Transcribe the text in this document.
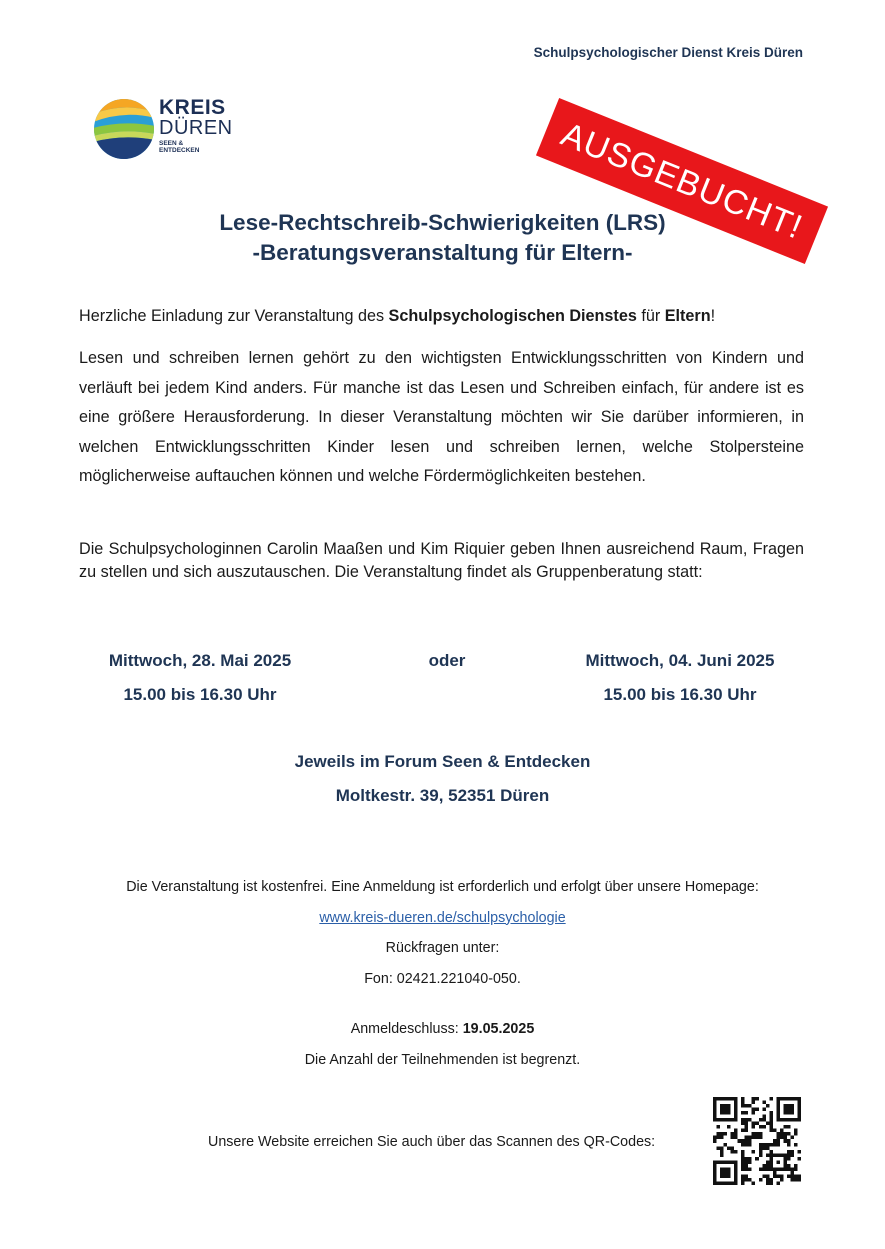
Schulpsychologischer Dienst Kreis Düren
KREIS
DÜREN
SEEN & ENTDECKEN	AUSGEBUCHT!
Lese-Rechtschreib-Schwierigkeiten (LRS)
-Beratungsveranstaltung für Eltern-
Herzliche Einladung zur Veranstaltung des Schulpsychologischen Dienstes für Eltern!
Lesen und schreiben lernen gehört zu den wichtigsten Entwicklungsschritten von Kindern und verläuft bei jedem Kind anders. Für manche ist das Lesen und Schreiben einfach, für andere ist es eine größere Herausforderung. In dieser Veranstaltung möchten wir Sie darüber informieren, in welchen Entwicklungsschritten Kinder lesen und schreiben lernen, welche Stolpersteine möglicherweise auftauchen können und welche Fördermöglichkeiten bestehen.
Die Schulpsychologinnen Carolin Maaßen und Kim Riquier geben Ihnen ausreichend Raum, Fragen zu stellen und sich auszutauschen. Die Veranstaltung findet als Gruppenberatung statt:
Mittwoch, 28. Mai 2025
15.00 bis 16.30 Uhr
oder	Mittwoch, 04. Juni 2025
15.00 bis 16.30 Uhr
Jeweils im Forum Seen & Entdecken
Moltkestr. 39, 52351 Düren
Die Veranstaltung ist kostenfrei. Eine Anmeldung ist erforderlich und erfolgt über unsere Homepage:
www.kreis-dueren.de/schulpsychologie
Rückfragen unter:
Fon: 02421.221040-050.
Anmeldeschluss: 19.05.2025
Die Anzahl der Teilnehmenden ist begrenzt.
Unsere Website erreichen Sie auch über das Scannen des QR-Codes:
